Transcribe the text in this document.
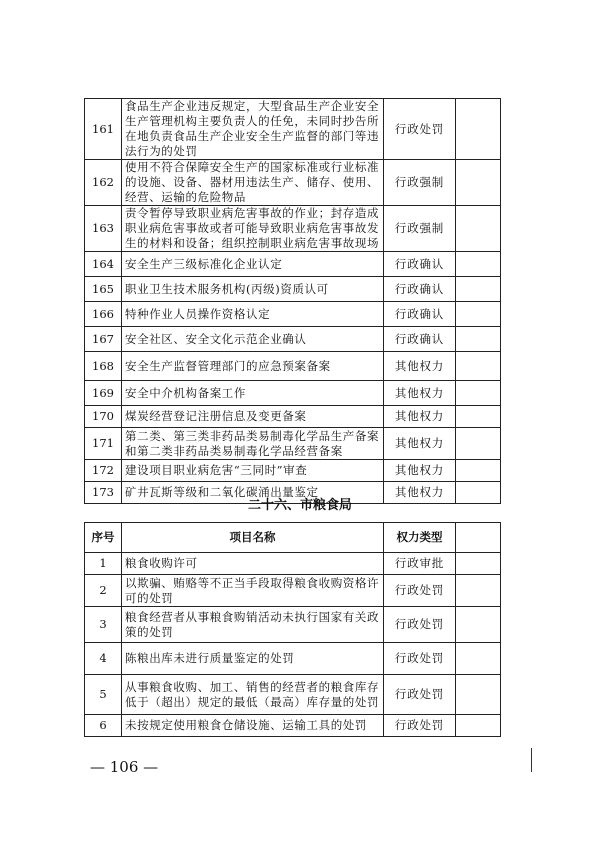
161	食品生产企业违反规定，大型食品生产企业安全生产管理机构主要负责人的任免，未同时抄告所在地负责食品生产企业安全生产监督的部门等违法行为的处罚	行政处罚	
162	使用不符合保障安全生产的国家标准或行业标准的设施、设备、器材用违法生产、储存、使用、经营、运输的危险物品	行政强制	
163	责令暂停导致职业病危害事故的作业；封存造成职业病危害事故或者可能导致职业病危害事故发生的材料和设备；组织控制职业病危害事故现场	行政强制	
164	安全生产三级标准化企业认定	行政确认	
165	职业卫生技术服务机构(丙级)资质认可	行政确认	
166	特种作业人员操作资格认定	行政确认	
167	安全社区、安全文化示范企业确认	行政确认	
168	安全生产监督管理部门的应急预案备案	其他权力	
169	安全中介机构备案工作	其他权力	
170	煤炭经营登记注册信息及变更备案	其他权力	
171	第二类、第三类非药品类易制毒化学品生产备案和第二类非药品类易制毒化学品经营备案	其他权力	
172	建设项目职业病危害“三同时”审查	其他权力	
173	矿井瓦斯等级和二氧化碳涌出量鉴定	其他权力	
二十六、市粮食局
序号	项目名称	权力类型	
1	粮食收购许可	行政审批	
2	以欺骗、贿赂等不正当手段取得粮食收购资格许可的处罚	行政处罚	
3	粮食经营者从事粮食购销活动未执行国家有关政策的处罚	行政处罚	
4	陈粮出库未进行质量鉴定的处罚	行政处罚	
5	从事粮食收购、加工、销售的经营者的粮食库存低于（超出）规定的最低（最高）库存量的处罚	行政处罚	
6	未按规定使用粮食仓储设施、运输工具的处罚	行政处罚	
— 106 —
